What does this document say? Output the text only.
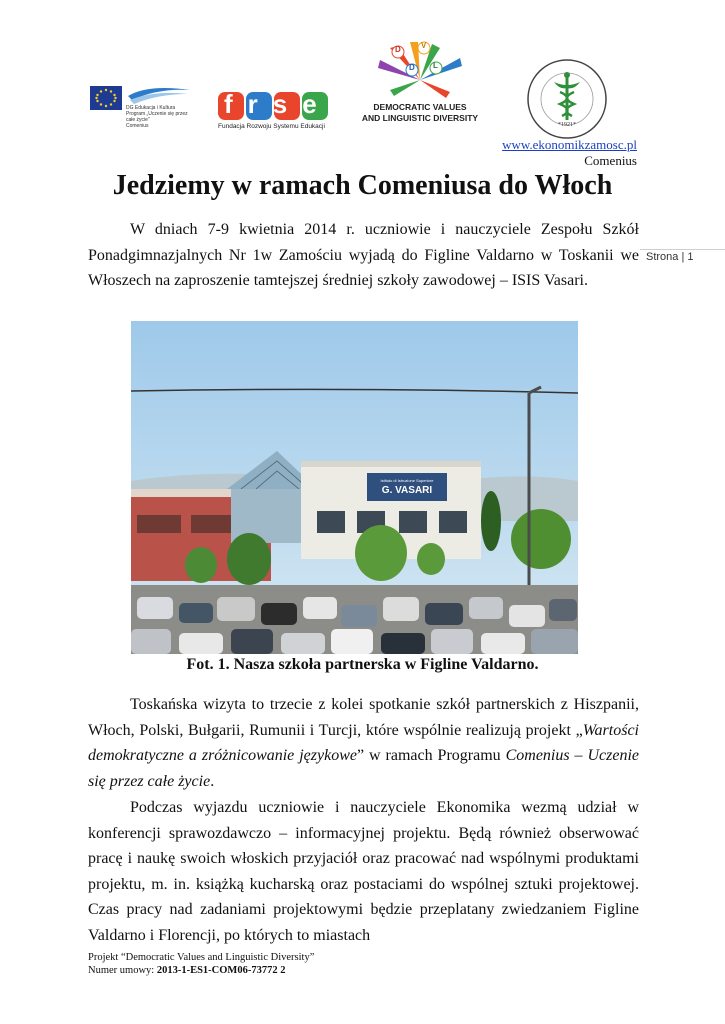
DG Edukacja i Kultura
Program „Uczenie się przez całe życie”
Comenius
frse
Fundacja Rozwoju Systemu Edukacji
D	V
L
D
DEMOCRATIC VALUES
AND LINGUISTIC DIVERSITY
*1921*
www.ekonomikzamosc.pl
Comenius
Strona | 1
Jedziemy w ramach Comeniusa do Włoch

W dniach 7-9 kwietnia 2014 r. uczniowie i nauczyciele Zespołu Szkół Ponadgimnazjalnych Nr 1w Zamościu wyjadą do Figline Valdarno w Toskanii we Włoszech na zaproszenie tamtejszej średniej szkoły zawodowej – ISIS Vasari.

Istituto di Istruzione Superiore
G. VASARI
Fot. 1. Nasza szkoła partnerska w Figline Valdarno.

Toskańska wizyta to trzecie z kolei spotkanie szkół partnerskich z Hiszpanii, Włoch, Polski, Bułgarii, Rumunii i Turcji, które wspólnie realizują projekt „Wartości demokratyczne a zróżnicowanie językowe” w ramach Programu Comenius – Uczenie się przez całe życie.

Podczas wyjazdu uczniowie i nauczyciele Ekonomika wezmą udział w konferencji sprawozdawczo – informacyjnej projektu. Będą również obserwować pracę i naukę swoich włoskich przyjaciół oraz pracować nad wspólnymi produktami projektu, m. in. książką kucharską oraz postaciami do wspólnej sztuki projektowej. Czas pracy nad zadaniami projektowymi będzie przeplatany zwiedzaniem Figline Valdarno i Florencji, po których to miastach

Projekt “Democratic Values and Linguistic Diversity”
Numer umowy: 2013-1-ES1-COM06-73772 2
